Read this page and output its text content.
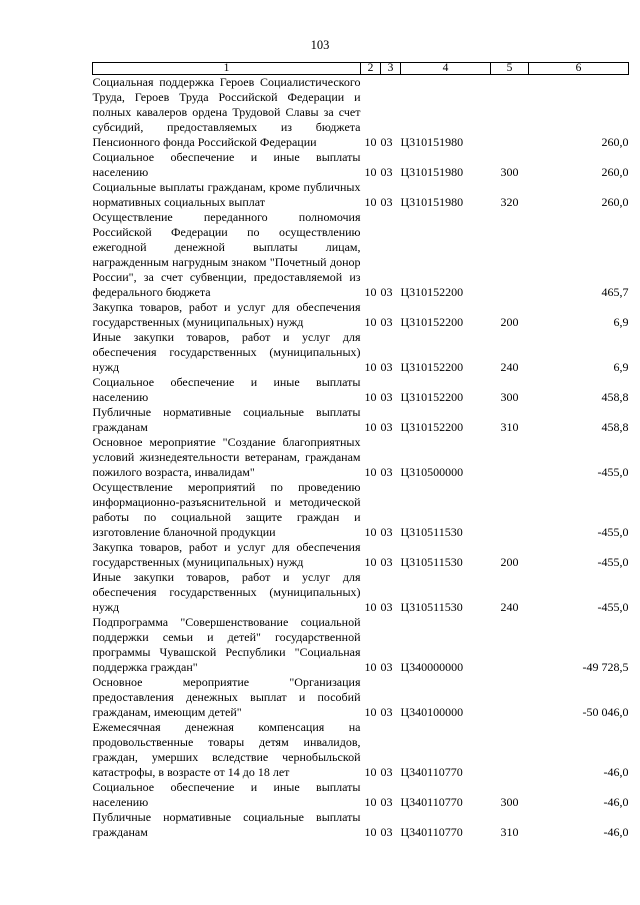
103
1	2	3	4	5	6
Социальная поддержка Героев Социалистического Труда, Героев Труда Российской Федерации и полных кавалеров ордена Трудовой Славы за счет субсидий, предоставляемых из бюджета Пенсионного фонда Российской Федерации	10	03	Ц310151980		260,0
Социальное обеспечение и иные выплаты населению	10	03	Ц310151980	300	260,0
Социальные выплаты гражданам, кроме публичных нормативных социальных выплат	10	03	Ц310151980	320	260,0
Осуществление переданного полномочия Российской Федерации по осуществлению ежегодной денежной выплаты лицам, награжденным нагрудным знаком "Почетный донор России", за счет субвенции, предоставляемой из федерального бюджета	10	03	Ц310152200		465,7
Закупка товаров, работ и услуг для обеспечения государственных (муниципальных) нужд	10	03	Ц310152200	200	6,9
Иные закупки товаров, работ и услуг для обеспечения государственных (муниципальных) нужд	10	03	Ц310152200	240	6,9
Социальное обеспечение и иные выплаты населению	10	03	Ц310152200	300	458,8
Публичные нормативные социальные выплаты гражданам	10	03	Ц310152200	310	458,8
Основное мероприятие "Создание благоприятных условий жизнедеятельности ветеранам, гражданам пожилого возраста, инвалидам"	10	03	Ц310500000		-455,0
Осуществление мероприятий по проведению информационно-разъяснительной и методической работы по социальной защите граждан и изготовление бланочной продукции	10	03	Ц310511530		-455,0
Закупка товаров, работ и услуг для обеспечения государственных (муниципальных) нужд	10	03	Ц310511530	200	-455,0
Иные закупки товаров, работ и услуг для обеспечения государственных (муниципальных) нужд	10	03	Ц310511530	240	-455,0
Подпрограмма "Совершенствование социальной поддержки семьи и детей" государственной программы Чувашской Республики "Социальная поддержка граждан"	10	03	Ц340000000		-49 728,5
Основное мероприятие "Организация предоставления денежных выплат и пособий гражданам, имеющим детей"	10	03	Ц340100000		-50 046,0
Ежемесячная денежная компенсация на продовольственные товары детям инвалидов, граждан, умерших вследствие чернобыльской катастрофы, в возрасте от 14 до 18 лет	10	03	Ц340110770		-46,0
Социальное обеспечение и иные выплаты населению	10	03	Ц340110770	300	-46,0
Публичные нормативные социальные выплаты гражданам	10	03	Ц340110770	310	-46,0
